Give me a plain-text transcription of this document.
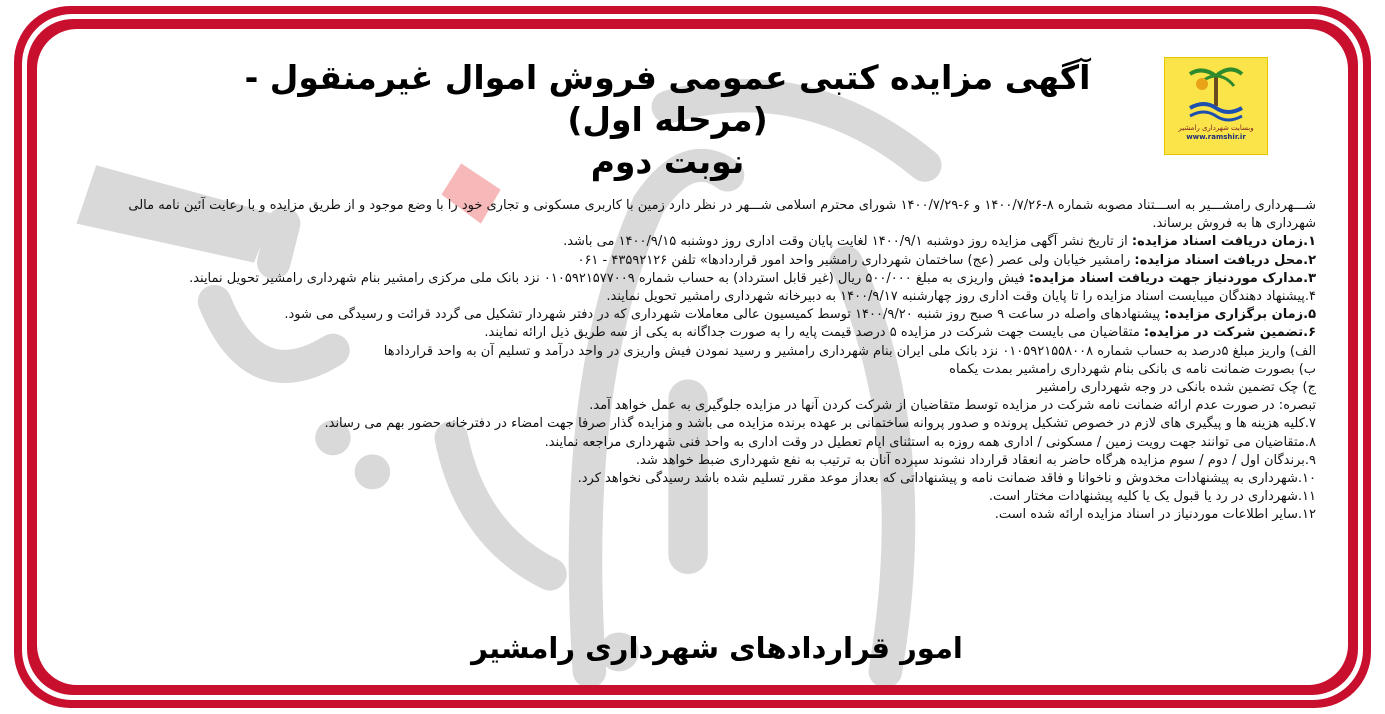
وبسایت شهرداری رامشیر
www.ramshir.ir
آگهی مزایده کتبی عمومی فروش اموال غیرمنقول - (مرحله اول)
نوبت دوم

شـــهرداری رامشـــیر به اســـتناد مصوبه شماره ۸-۱۴۰۰/۷/۲۶ و ۶-۱۴۰۰/۷/۲۹ شورای محترم اسلامی شـــهر در نظر دارد زمین با کاربری مسکونی و تجاری خود را با وضع موجود و از طریق مزایده و با رعایت آئین نامه مالی شهرداری ها به فروش برساند.

۱.زمان دریافت اسناد مزایده: از تاریخ نشر آگهی مزایده روز دوشنبه ۱۴۰۰/۹/۱ لغایت پایان وقت اداری روز دوشنبه ۱۴۰۰/۹/۱۵ می باشد.

۲.محل دریافت اسناد مزایده: رامشیر خیابان ولی عصر (عج) ساختمان شهرداری رامشیر واحد امور قراردادها» تلفن ۴۳۵۹۲۱۲۶ - ۰۶۱

۳.مدارک موردنیاز جهت دریافت اسناد مزایده: فیش واریزی به مبلغ ۵۰۰/۰۰۰ ریال (غیر قابل استرداد) به حساب شماره ۰۱۰۵۹۲۱۵۷۷۰۰۹ نزد بانک ملی مرکزی رامشیر بنام شهرداری رامشیر تحویل نمایند.

۴.پیشنهاد دهندگان میبایست اسناد مزایده را تا پایان وقت اداری روز چهارشنبه ۱۴۰۰/۹/۱۷ به دبیرخانه شهرداری رامشیر تحویل نمایند.

۵.زمان برگزاری مزایده: پیشنهادهای واصله در ساعت ۹ صبح روز شنبه ۱۴۰۰/۹/۲۰ توسط کمیسیون عالی معاملات شهرداری که در دفتر شهردار تشکیل می گردد قرائت و رسیدگی می شود.

۶.تضمین شرکت در مزایده: متقاضیان می بایست جهت شرکت در مزایده ۵ درصد قیمت پایه را به صورت جداگانه به یکی از سه طریق ذیل ارائه نمایند.

الف) واریز مبلغ ۵درصد به حساب شماره ۰۱۰۵۹۲۱۵۵۸۰۰۸ نزد بانک ملی ایران بنام شهرداری رامشیر و رسید نمودن فیش واریزی در واحد درآمد و تسلیم آن به واحد قراردادها

ب) بصورت ضمانت نامه ی بانکی بنام شهرداری رامشیر بمدت یکماه

ج) چک تضمین شده بانکی در وجه شهرداری رامشیر

تبصره: در صورت عدم ارائه ضمانت نامه شرکت در مزایده توسط متقاضیان از شرکت کردن آنها در مزایده جلوگیری به عمل خواهد آمد.

۷.کلیه هزینه ها و پیگیری های لازم در خصوص تشکیل پرونده و صدور پروانه ساختمانی بر عهده برنده مزایده می باشد و مزایده گذار صرفا جهت امضاء در دفترخانه حضور بهم می رساند.

۸.متقاضیان می توانند جهت رویت زمین / مسکونی / اداری همه روزه به استثنای ایام تعطیل در وقت اداری به واحد فنی شهرداری مراجعه نمایند.

۹.برندگان اول / دوم / سوم مزایده هرگاه حاضر به انعقاد قرارداد نشوند سپرده آنان به ترتیب به نفع شهرداری ضبط خواهد شد.

۱۰.شهرداری به پیشنهادات مخدوش و ناخوانا و فاقد ضمانت نامه و پیشنهاداتی که بعداز موعد مقرر تسلیم شده باشد رسیدگی نخواهد کرد.

۱۱.شهرداری در رد یا قبول یک یا کلیه پیشنهادات مختار است.

۱۲.سایر اطلاعات موردنیاز در اسناد مزایده ارائه شده است.

امور قراردادهای شهرداری رامشیر
